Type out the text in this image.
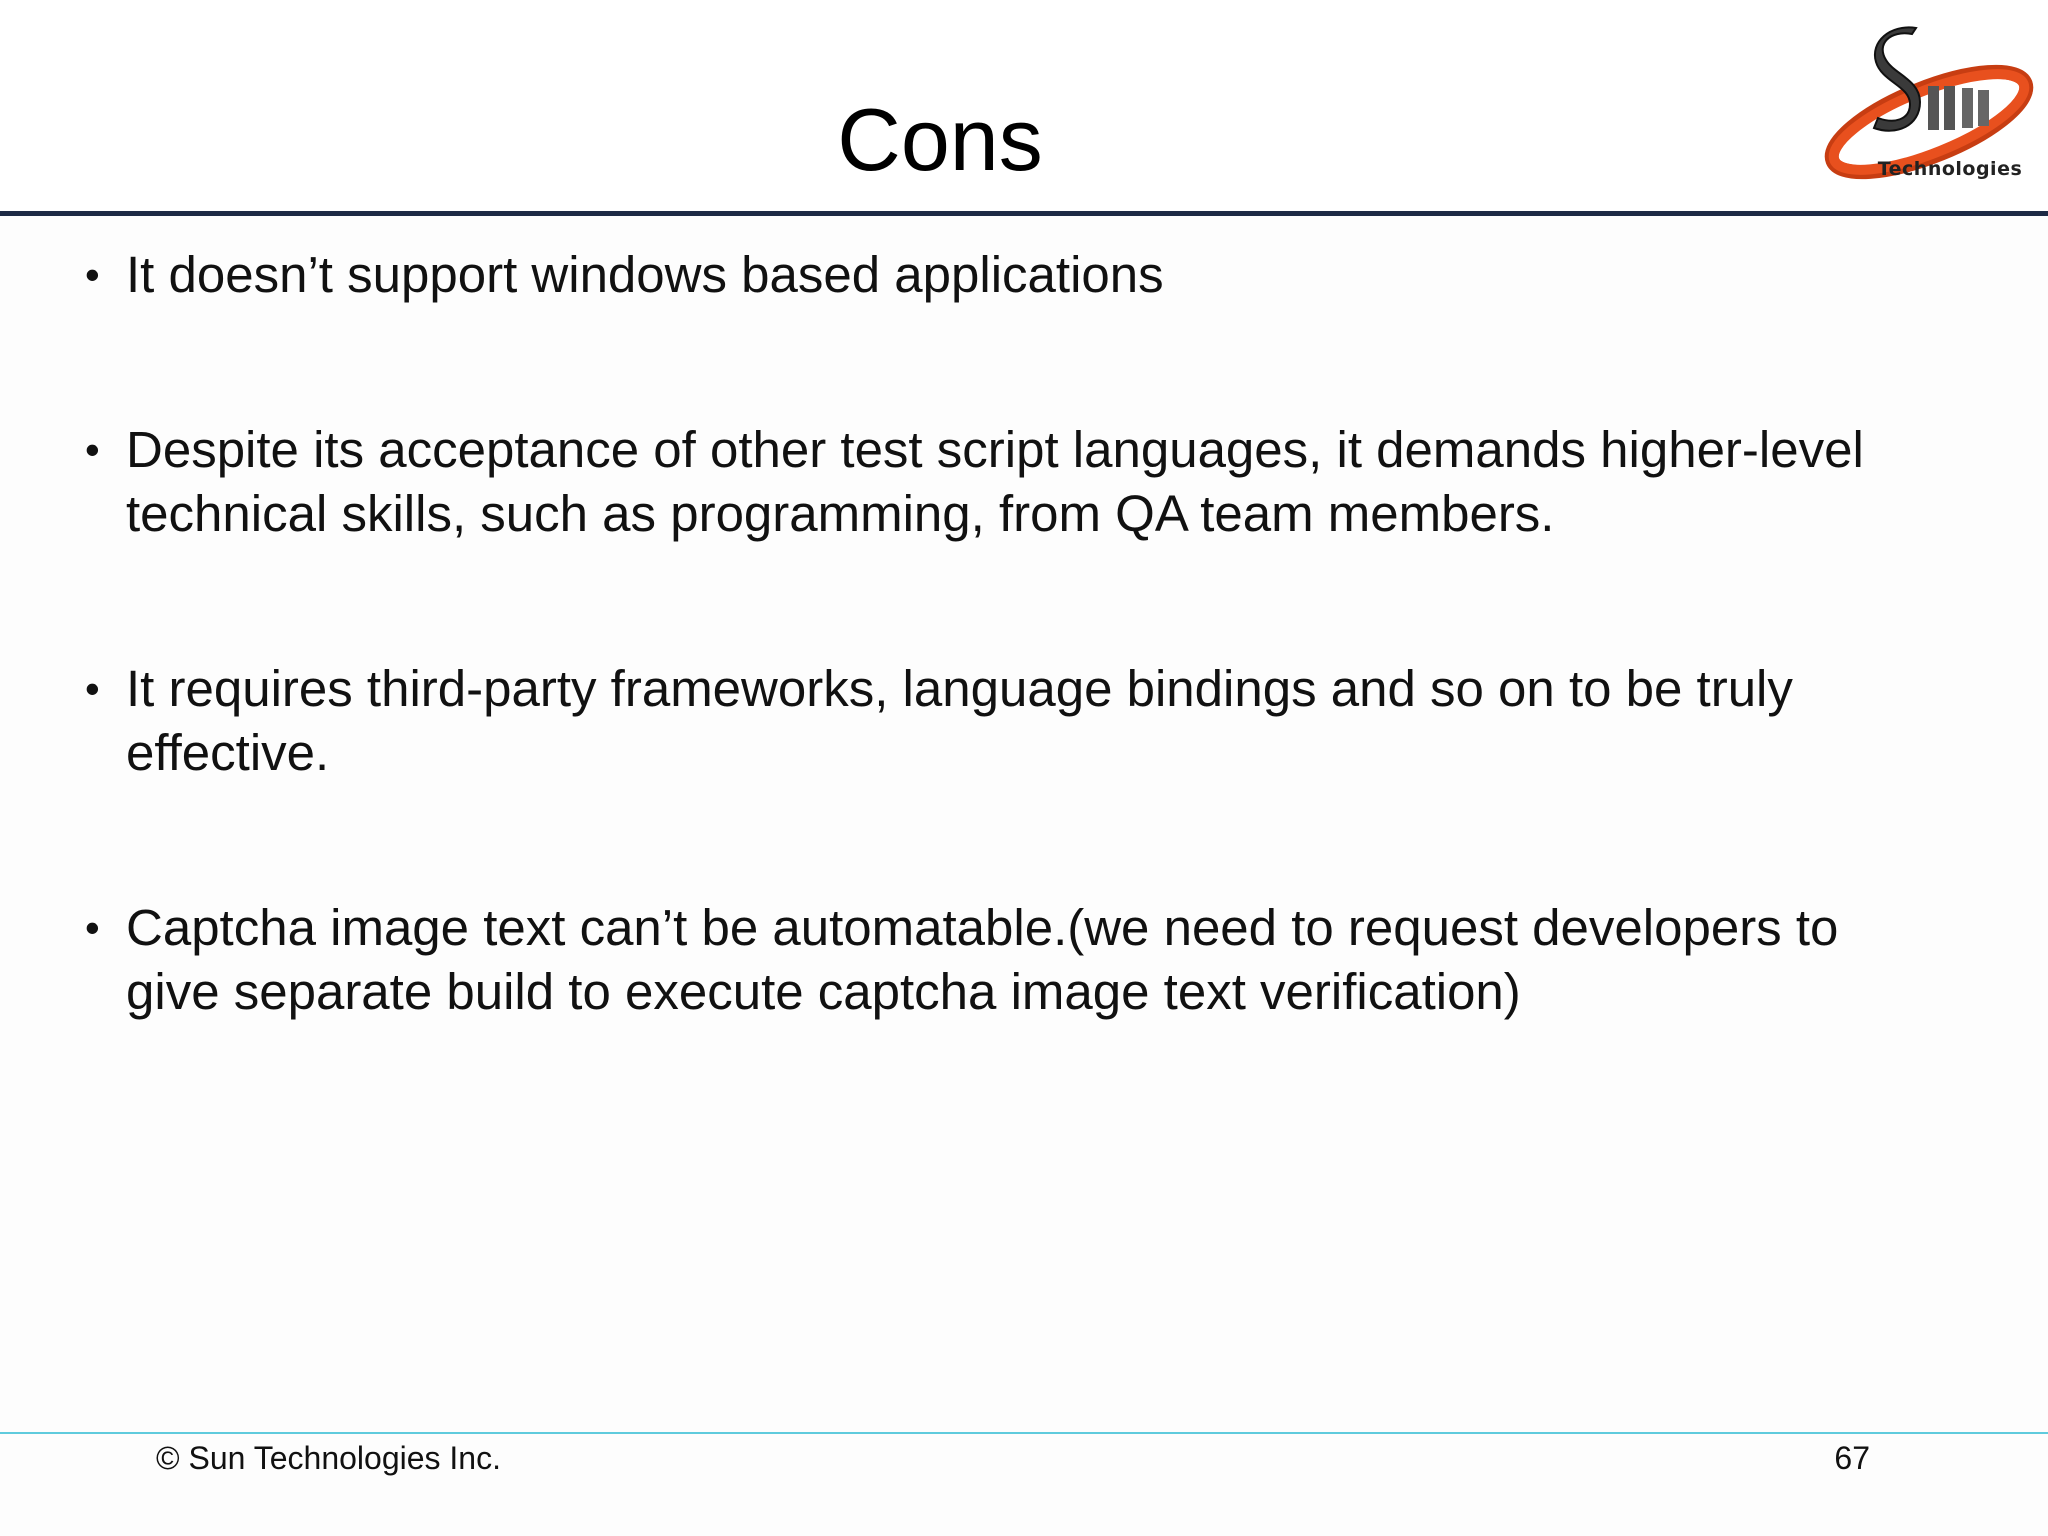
Cons	Technologies
• It doesn’t support windows based applications
• Despite its acceptance of other test script languages, it demands higher-level technical skills, such as programming, from QA team members.
• It requires third-party frameworks, language bindings and so on to be truly effective.
• Captcha image text can’t be automatable.(we need to request developers to give separate build to execute captcha image text verification)
© Sun Technologies Inc.	67
